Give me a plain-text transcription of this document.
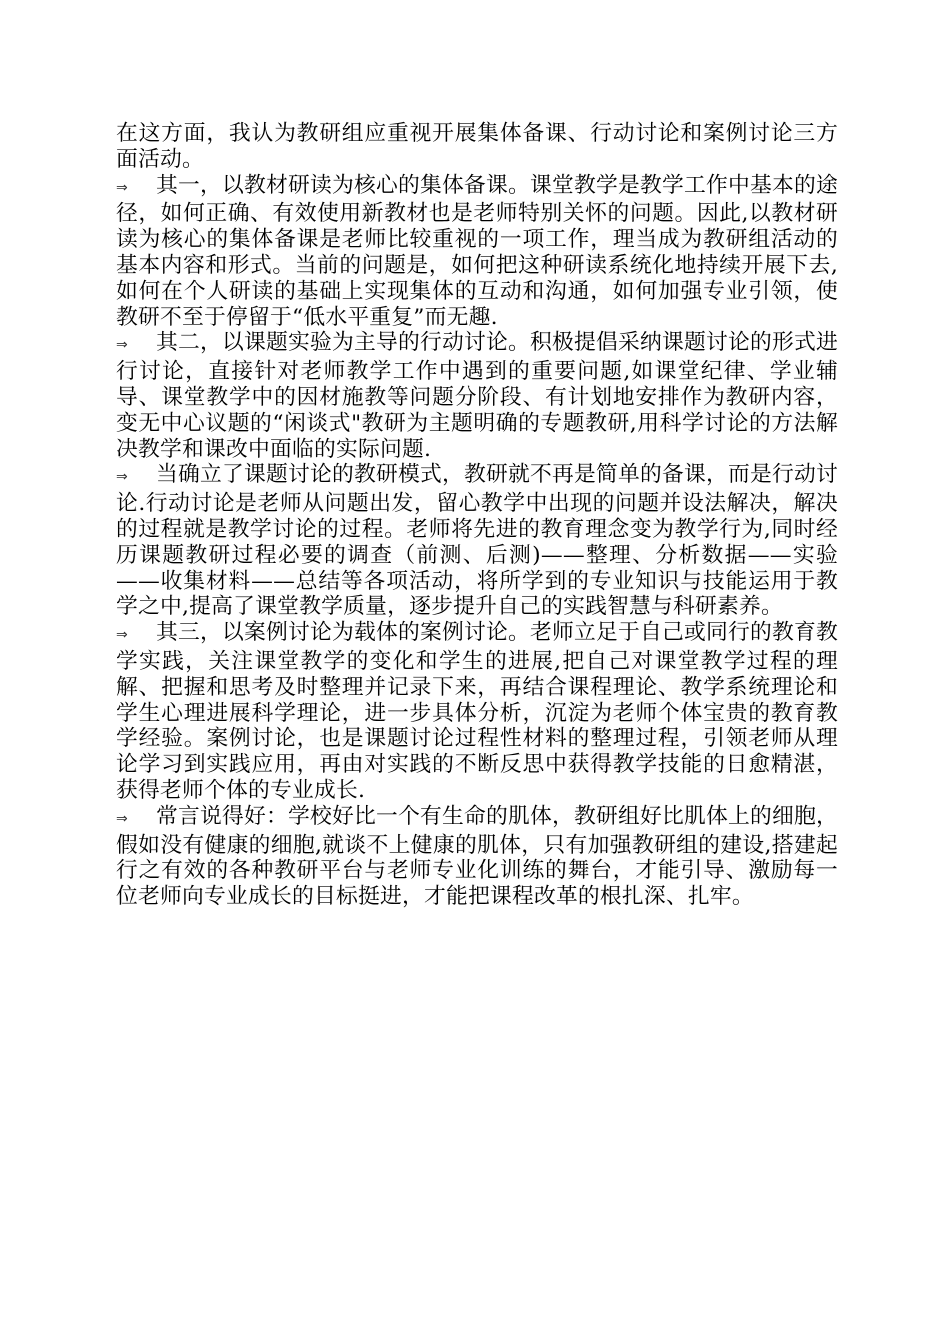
在这方面，我认为教研组应重视开展集体备课、行动讨论和案例讨论三方面活动。

⇒ 其一，以教材研读为核心的集体备课。课堂教学是教学工作中基本的途径，如何正确、有效使用新教材也是老师特别关怀的问题。因此,以教材研读为核心的集体备课是老师比较重视的一项工作，理当成为教研组活动的基本内容和形式。当前的问题是，如何把这种研读系统化地持续开展下去,如何在个人研读的基础上实现集体的互动和沟通，如何加强专业引领，使教研不至于停留于“低水平重复”而无趣.

⇒ 其二，以课题实验为主导的行动讨论。积极提倡采纳课题讨论的形式进行讨论，直接针对老师教学工作中遇到的重要问题,如课堂纪律、学业辅导、课堂教学中的因材施教等问题分阶段、有计划地安排作为教研内容，变无中心议题的“闲谈式"教研为主题明确的专题教研,用科学讨论的方法解决教学和课改中面临的实际问题.

⇒ 当确立了课题讨论的教研模式，教研就不再是简单的备课，而是行动讨论.行动讨论是老师从问题出发，留心教学中出现的问题并设法解决，解决的过程就是教学讨论的过程。老师将先进的教育理念变为教学行为,同时经历课题教研过程必要的调查（前测、后测)——整理、分析数据——实验——收集材料——总结等各项活动，将所学到的专业知识与技能运用于教学之中,提高了课堂教学质量，逐步提升自己的实践智慧与科研素养。

⇒ 其三，以案例讨论为载体的案例讨论。老师立足于自己或同行的教育教学实践，关注课堂教学的变化和学生的进展,把自己对课堂教学过程的理解、把握和思考及时整理并记录下来，再结合课程理论、教学系统理论和学生心理进展科学理论，进一步具体分析，沉淀为老师个体宝贵的教育教学经验。案例讨论，也是课题讨论过程性材料的整理过程，引领老师从理论学习到实践应用，再由对实践的不断反思中获得教学技能的日愈精湛，获得老师个体的专业成长.

⇒ 常言说得好：学校好比一个有生命的肌体，教研组好比肌体上的细胞，假如没有健康的细胞,就谈不上健康的肌体，只有加强教研组的建设,搭建起行之有效的各种教研平台与老师专业化训练的舞台，才能引导、激励每一位老师向专业成长的目标挺进，才能把课程改革的根扎深、扎牢。
